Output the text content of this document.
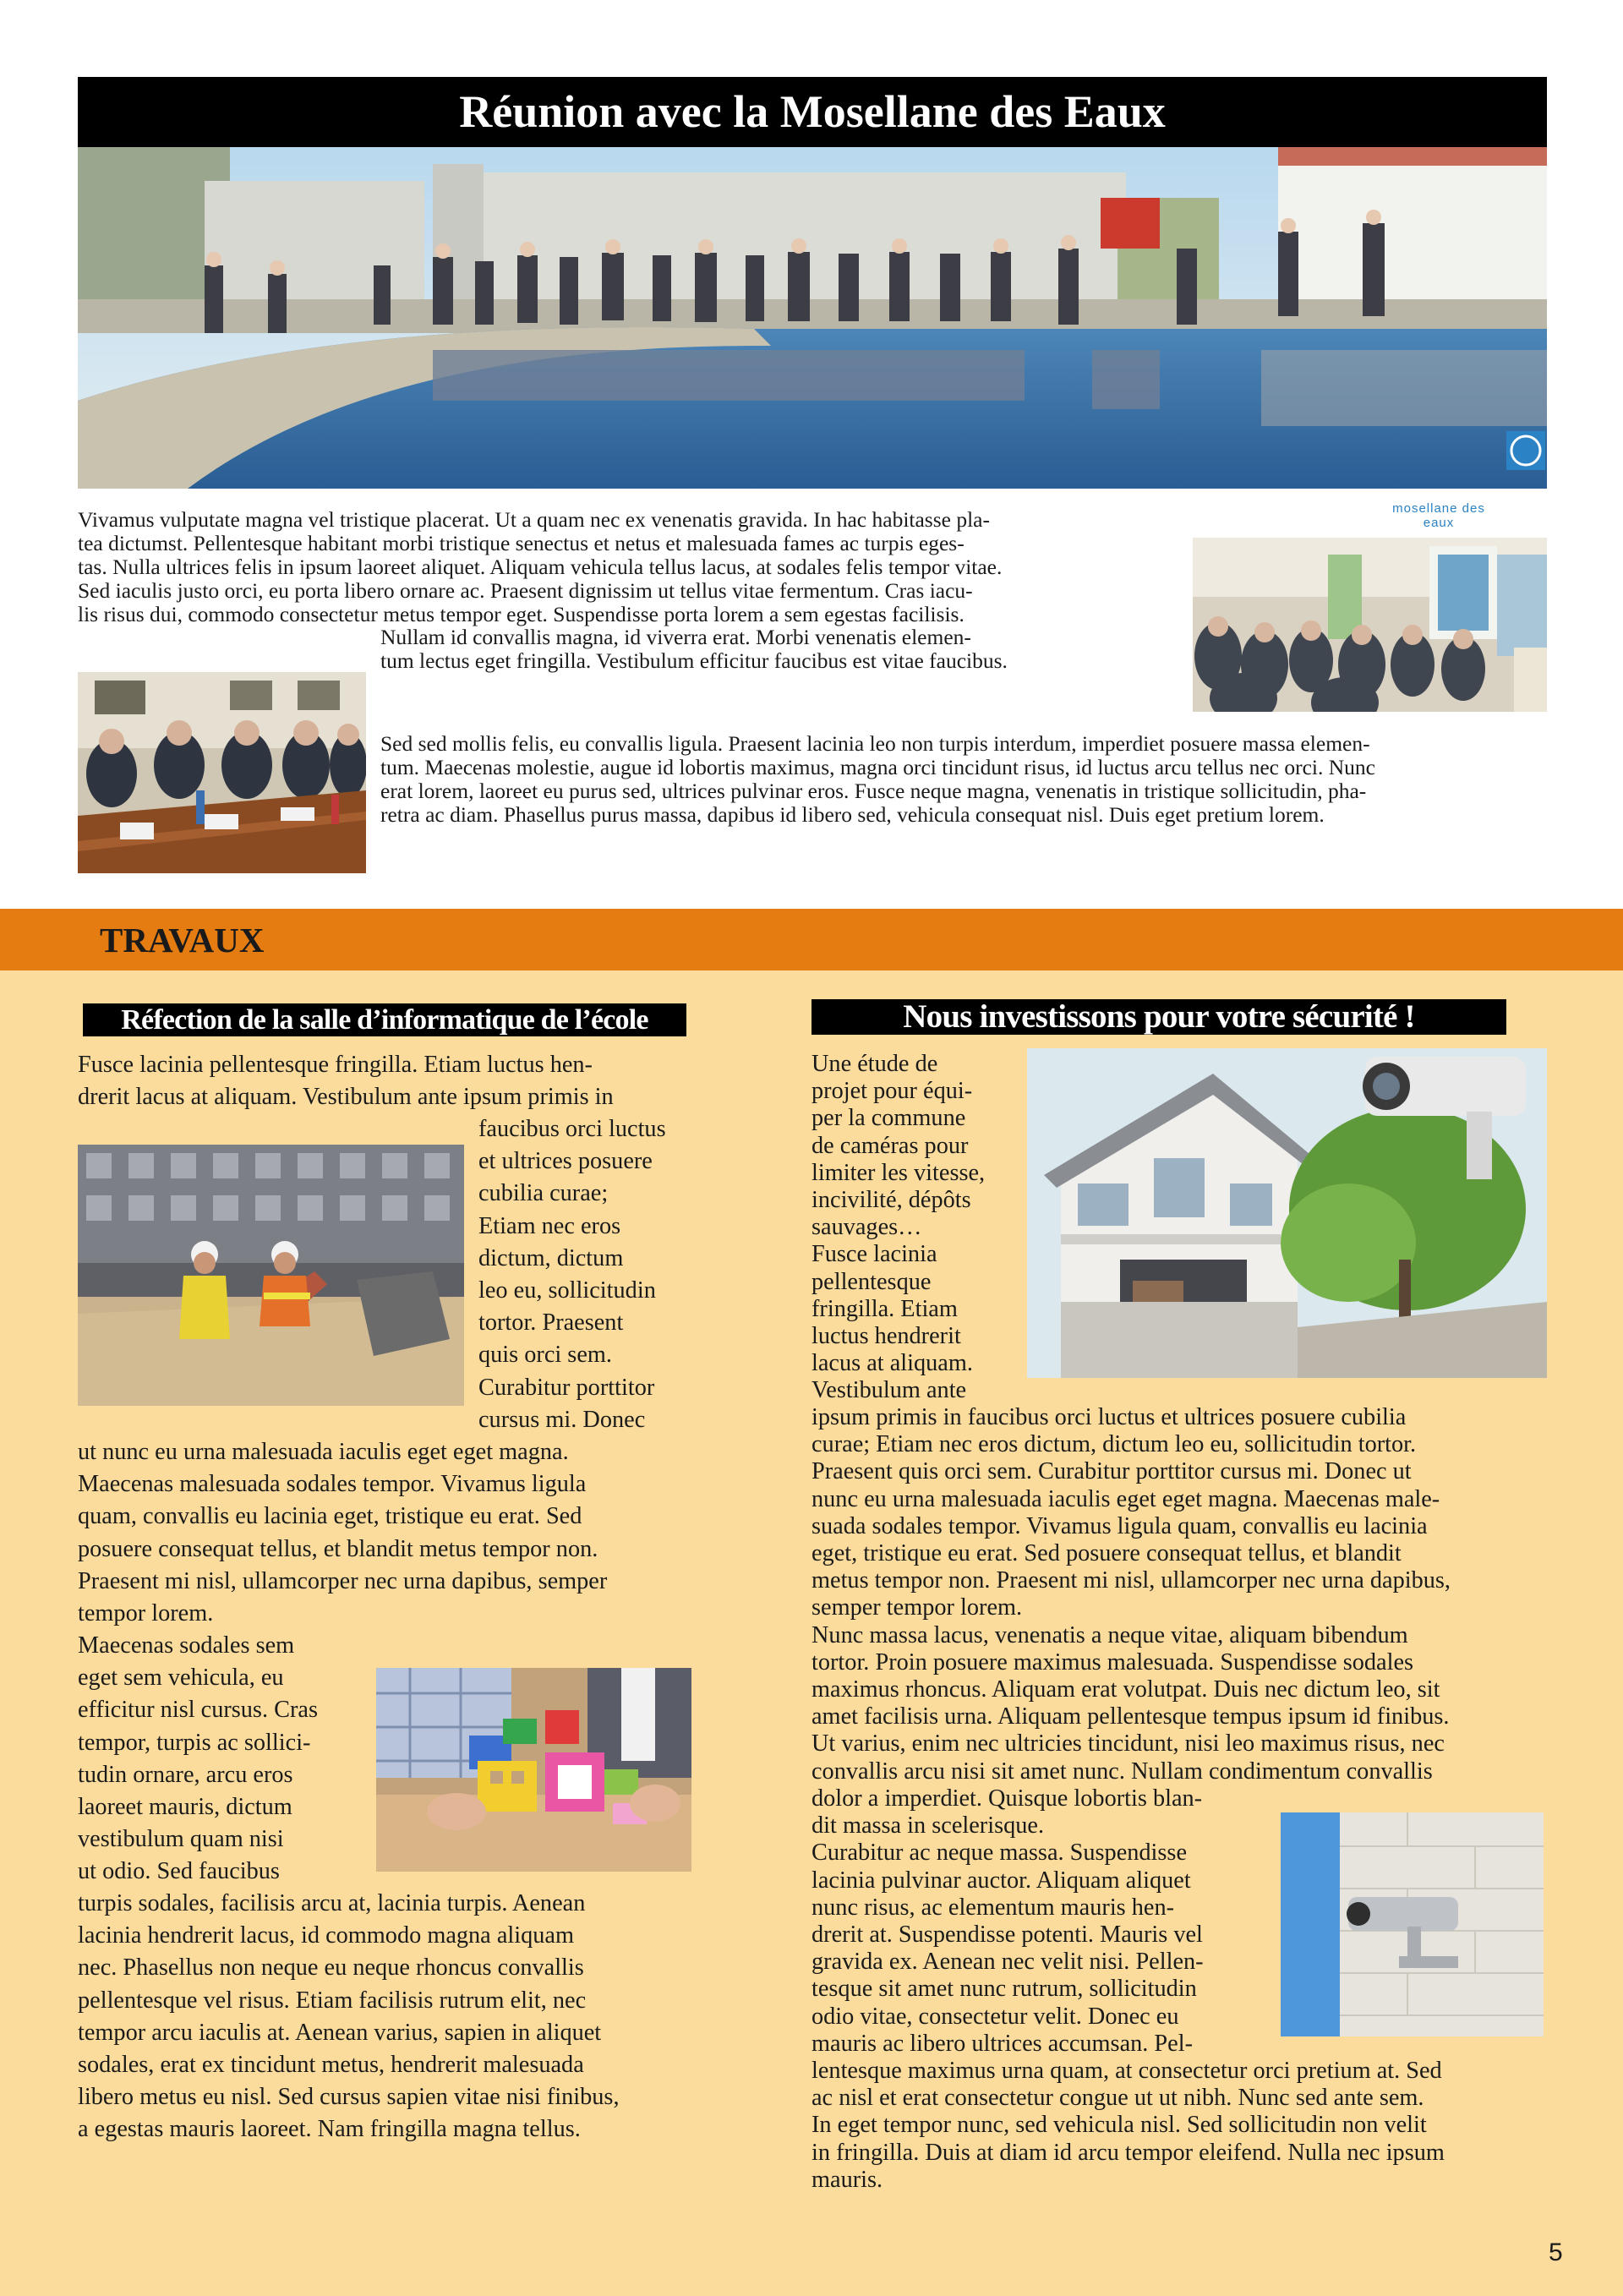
Réunion avec la Mosellane des Eaux
mosellane des eaux
Vivamus vulputate magna vel tristique placerat. Ut a quam nec ex venenatis gravida. In hac habitasse pla-
tea dictumst. Pellentesque habitant morbi tristique senectus et netus et malesuada fames ac turpis eges-
tas. Nulla ultrices felis in ipsum laoreet aliquet. Aliquam vehicula tellus lacus, at sodales felis tempor vitae.
Sed iaculis justo orci, eu porta libero ornare ac. Praesent dignissim ut tellus vitae fermentum. Cras iacu-
lis risus dui, commodo consectetur metus tempor eget. Suspendisse porta lorem a sem egestas facilisis.
Nullam id convallis magna, id viverra erat. Morbi venenatis elemen-
tum lectus eget fringilla. Vestibulum efficitur faucibus est vitae faucibus.
Sed sed mollis felis, eu convallis ligula. Praesent lacinia leo non turpis interdum, imperdiet posuere massa elemen-
tum. Maecenas molestie, augue id lobortis maximus, magna orci tincidunt risus, id luctus arcu tellus nec orci. Nunc
erat lorem, laoreet eu purus sed, ultrices pulvinar eros. Fusce neque magna, venenatis in tristique sollicitudin, pha-
retra ac diam. Phasellus purus massa, dapibus id libero sed, vehicula consequat nisl. Duis eget pretium lorem.
TRAVAUX
Réfection de la salle d’informatique de l’école
Fusce lacinia pellentesque fringilla. Etiam luctus hen-
drerit lacus at aliquam. Vestibulum ante ipsum primis in
faucibus orci luctus
et ultrices posuere
cubilia curae;
Etiam nec eros
dictum, dictum
leo eu, sollicitudin
tortor. Praesent
quis orci sem.
Curabitur porttitor
cursus mi. Donec
ut nunc eu urna malesuada iaculis eget eget magna.
Maecenas malesuada sodales tempor. Vivamus ligula
quam, convallis eu lacinia eget, tristique eu erat. Sed
posuere consequat tellus, et blandit metus tempor non.
Praesent mi nisl, ullamcorper nec urna dapibus, semper
tempor lorem.
Maecenas sodales sem
eget sem vehicula, eu
efficitur nisl cursus. Cras
tempor, turpis ac sollici-
tudin ornare, arcu eros
laoreet mauris, dictum
vestibulum quam nisi
ut odio. Sed faucibus
turpis sodales, facilisis arcu at, lacinia turpis. Aenean
lacinia hendrerit lacus, id commodo magna aliquam
nec. Phasellus non neque eu neque rhoncus convallis
pellentesque vel risus. Etiam facilisis rutrum elit, nec
tempor arcu iaculis at. Aenean varius, sapien in aliquet
sodales, erat ex tincidunt metus, hendrerit malesuada
libero metus eu nisl. Sed cursus sapien vitae nisi finibus,
a egestas mauris laoreet. Nam fringilla magna tellus.
Nous investissons pour votre sécurité !
Une étude de
projet pour équi-
per la commune
de caméras pour
limiter les vitesse,
incivilité, dépôts
sauvages…
Fusce lacinia
pellentesque
fringilla. Etiam
luctus hendrerit
lacus at aliquam.
Vestibulum ante
ipsum primis in faucibus orci luctus et ultrices posuere cubilia
curae; Etiam nec eros dictum, dictum leo eu, sollicitudin tortor.
Praesent quis orci sem. Curabitur porttitor cursus mi. Donec ut
nunc eu urna malesuada iaculis eget eget magna. Maecenas male-
suada sodales tempor. Vivamus ligula quam, convallis eu lacinia
eget, tristique eu erat. Sed posuere consequat tellus, et blandit
metus tempor non. Praesent mi nisl, ullamcorper nec urna dapibus,
semper tempor lorem.
Nunc massa lacus, venenatis a neque vitae, aliquam bibendum
tortor. Proin posuere maximus malesuada. Suspendisse sodales
maximus rhoncus. Aliquam erat volutpat. Duis nec dictum leo, sit
amet facilisis urna. Aliquam pellentesque tempus ipsum id finibus.
Ut varius, enim nec ultricies tincidunt, nisi leo maximus risus, nec
convallis arcu nisi sit amet nunc. Nullam condimentum convallis
dolor a imperdiet. Quisque lobortis blan-
dit massa in scelerisque.
Curabitur ac neque massa. Suspendisse
lacinia pulvinar auctor. Aliquam aliquet
nunc risus, ac elementum mauris hen-
drerit at. Suspendisse potenti. Mauris vel
gravida ex. Aenean nec velit nisi. Pellen-
tesque sit amet nunc rutrum, sollicitudin
odio vitae, consectetur velit. Donec eu
mauris ac libero ultrices accumsan. Pel-
lentesque maximus urna quam, at consectetur orci pretium at. Sed
ac nisl et erat consectetur congue ut ut nibh. Nunc sed ante sem.
In eget tempor nunc, sed vehicula nisl. Sed sollicitudin non velit
in fringilla. Duis at diam id arcu tempor eleifend. Nulla nec ipsum
mauris.
5
